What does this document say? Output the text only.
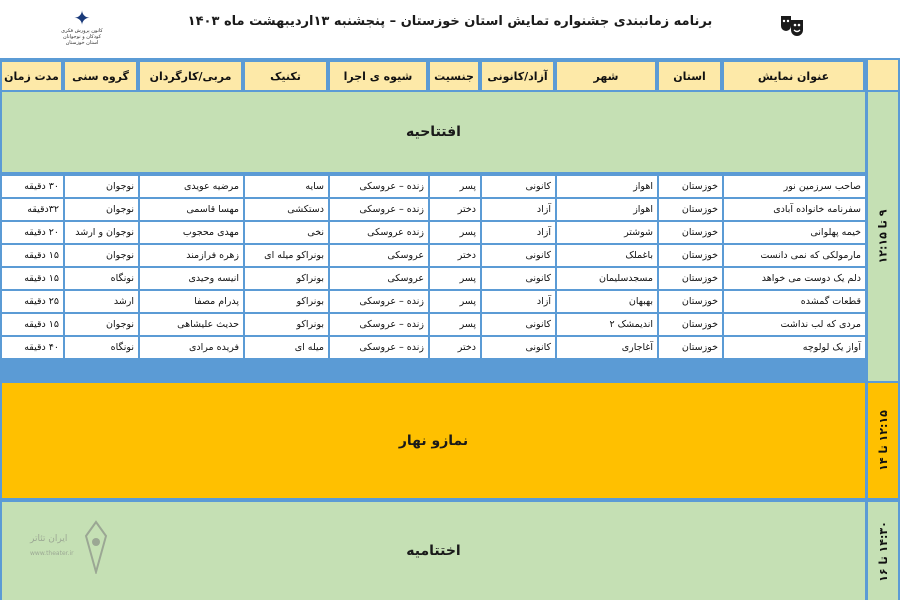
✦
کانون پرورش فکری کودکان و نوجوانان استان خوزستان
برنامه زمانبندی جشنواره تمایش استان خوزستان – پنجشنبه ۱۳اردیبهشت ماه ۱۴۰۳
مدت زمان	گروه سنی	مربی/کارگردان	تکنیک	شیوه ی اجرا	جنسیت	آزاد/کانونی	شهر	استان	عنوان نمایش
افتتاحیه
نمازو نهار
اختتامیه
۹ تا ۱۲:۱۵
۱۲:۱۵ تا ۱۴
۱۴:۳۰ تا ۱۶
۳۰ دقیقه	نوجوان	مرضیه عویدی	سایه	زنده – عروسکی	پسر	کانونی	اهواز	خوزستان	صاحب سرزمین نور
۳۲دقیقه	نوجوان	مهسا قاسمی	دستکشی	زنده – عروسکی	دختر	آزاد	اهواز	خوزستان	سفرنامه خانواده آبادی
۲۰ دقیقه	نوجوان و ارشد	مهدی محجوب	نخی	زنده عروسکی	پسر	آزاد	شوشتر	خوزستان	خیمه پهلوانی
۱۵ دقیقه	نوجوان	زهره فرازمند	بونراکو میله ای	عروسکی	دختر	کانونی	باغملک	خوزستان	مارمولکی که نمی دانست
۱۵ دقیقه	نونگاه	انیسه وحیدی	بونراکو	عروسکی	پسر	کانونی	مسجدسلیمان	خوزستان	دلم یک دوست می خواهد
۲۵ دقیقه	ارشد	پدرام مصفا	بونراکو	زنده – عروسکی	پسر	آزاد	بهبهان	خوزستان	قطعات گمشده
۱۵ دقیقه	نوجوان	حدیث علیشاهی	بونراکو	زنده – عروسکی	پسر	کانونی	اندیمشک ۲	خوزستان	مردی که لب نداشت
۴۰ دقیقه	نونگاه	فریده مرادی	میله ای	زنده – عروسکی	دختر	کانونی	آغاجاری	خوزستان	آواز یک لولوچه
ایران تئاتر
www.theater.ir
